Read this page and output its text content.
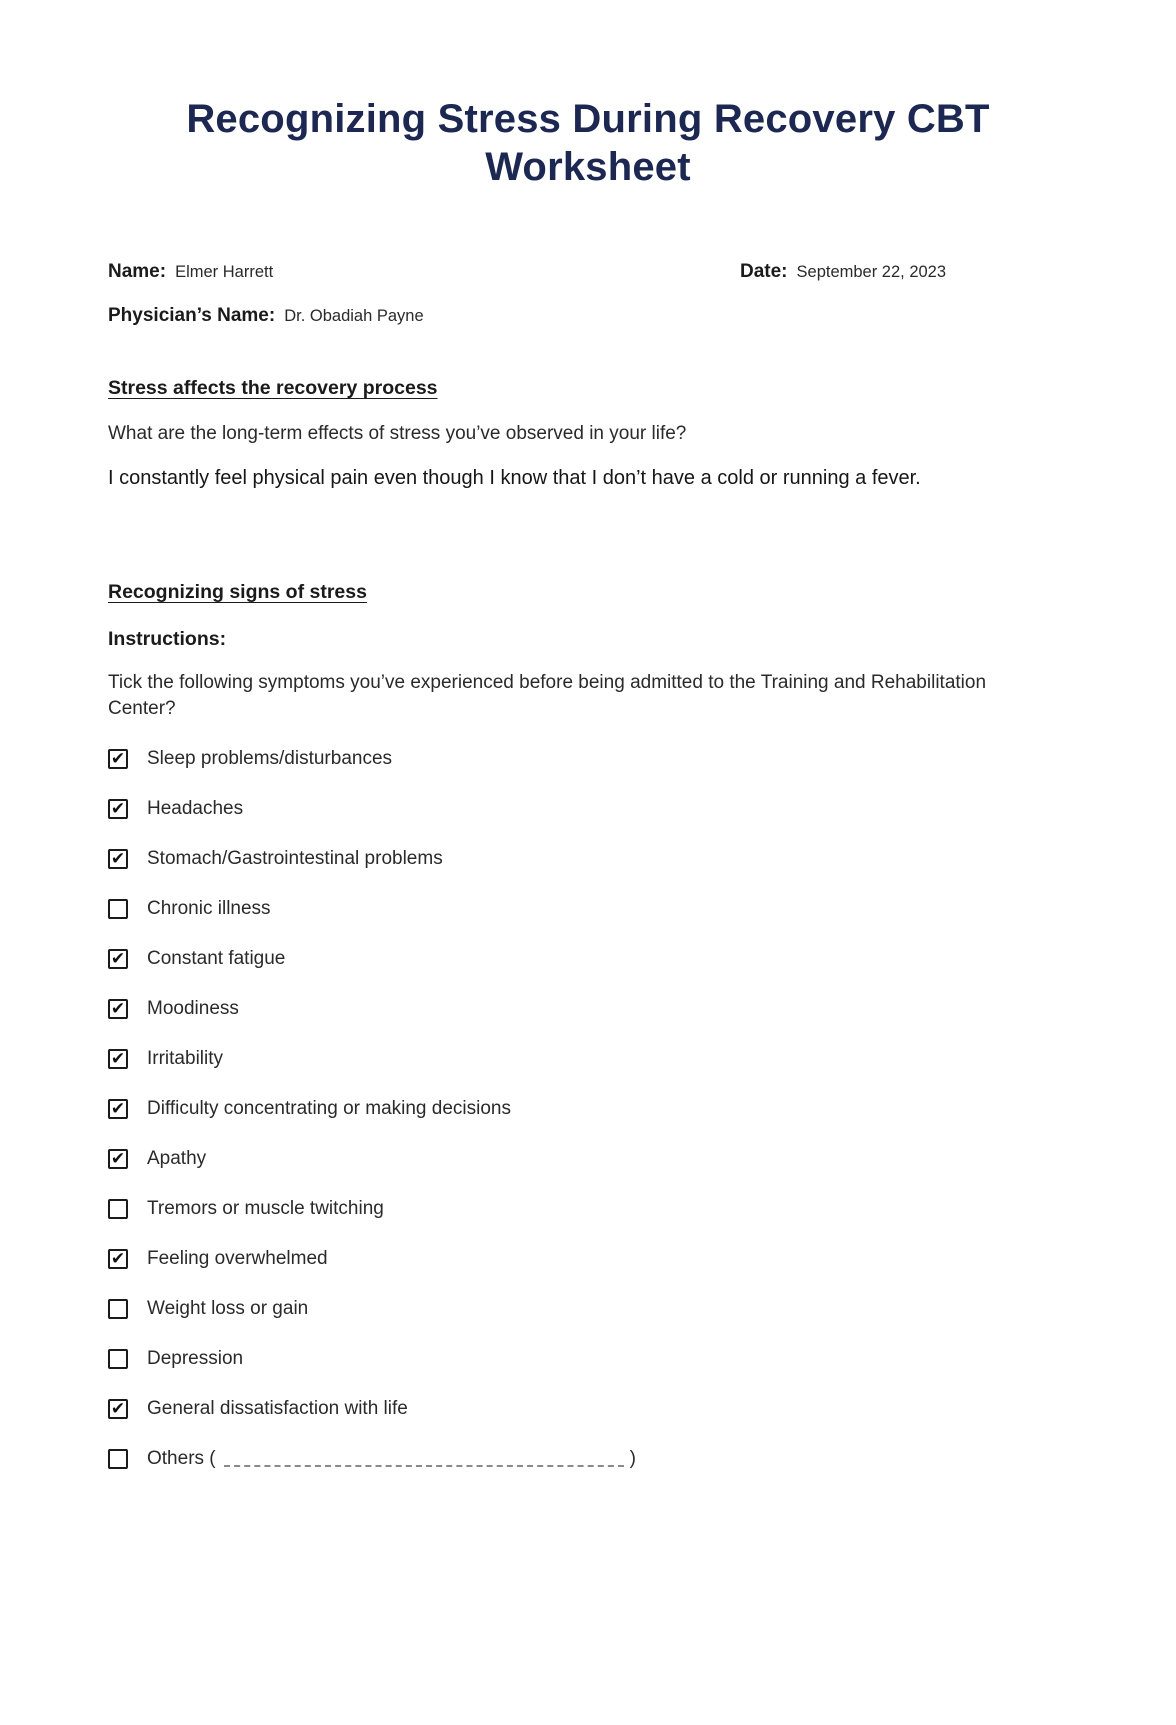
Recognizing Stress During Recovery CBT Worksheet
Name: Elmer Harrett	Date: September 22, 2023
Physician’s Name: Dr. Obadiah Payne
Stress affects the recovery process

What are the long-term effects of stress you’ve observed in your life?

I constantly feel physical pain even though I know that I don’t have a cold or running a fever.

Recognizing signs of stress

Instructions:

Tick the following symptoms you’ve experienced before being admitted to the Training and Rehabilitation Center?

✔	Sleep problems/disturbances
✔	Headaches
✔	Stomach/Gastrointestinal problems
Chronic illness
✔	Constant fatigue
✔	Moodiness
✔	Irritability
✔	Difficulty concentrating or making decisions
✔	Apathy
Tremors or muscle twitching
✔	Feeling overwhelmed
Weight loss or gain
Depression
✔	General dissatisfaction with life
Others (	)
